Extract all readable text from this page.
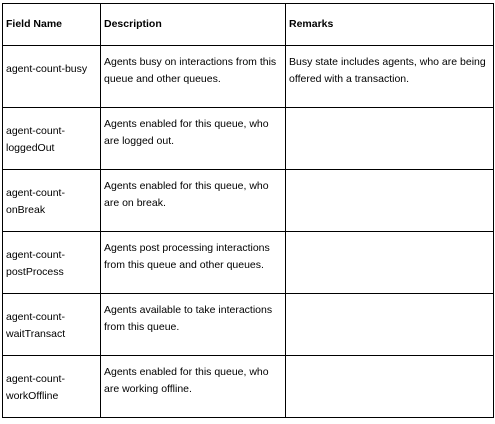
Field Name	Description	Remarks
agent-count-busy	Agents busy on interactions from this queue and other queues.	Busy state includes agents, who are being offered with a transaction.
agent-count-loggedOut	Agents enabled for this queue, who are logged out.	
agent-count-onBreak	Agents enabled for this queue, who are on break.	
agent-count-postProcess	Agents post processing interactions from this queue and other queues.	
agent-count-waitTransact	Agents available to take interactions from this queue.	
agent-count-workOffline	Agents enabled for this queue, who are working offline.	
